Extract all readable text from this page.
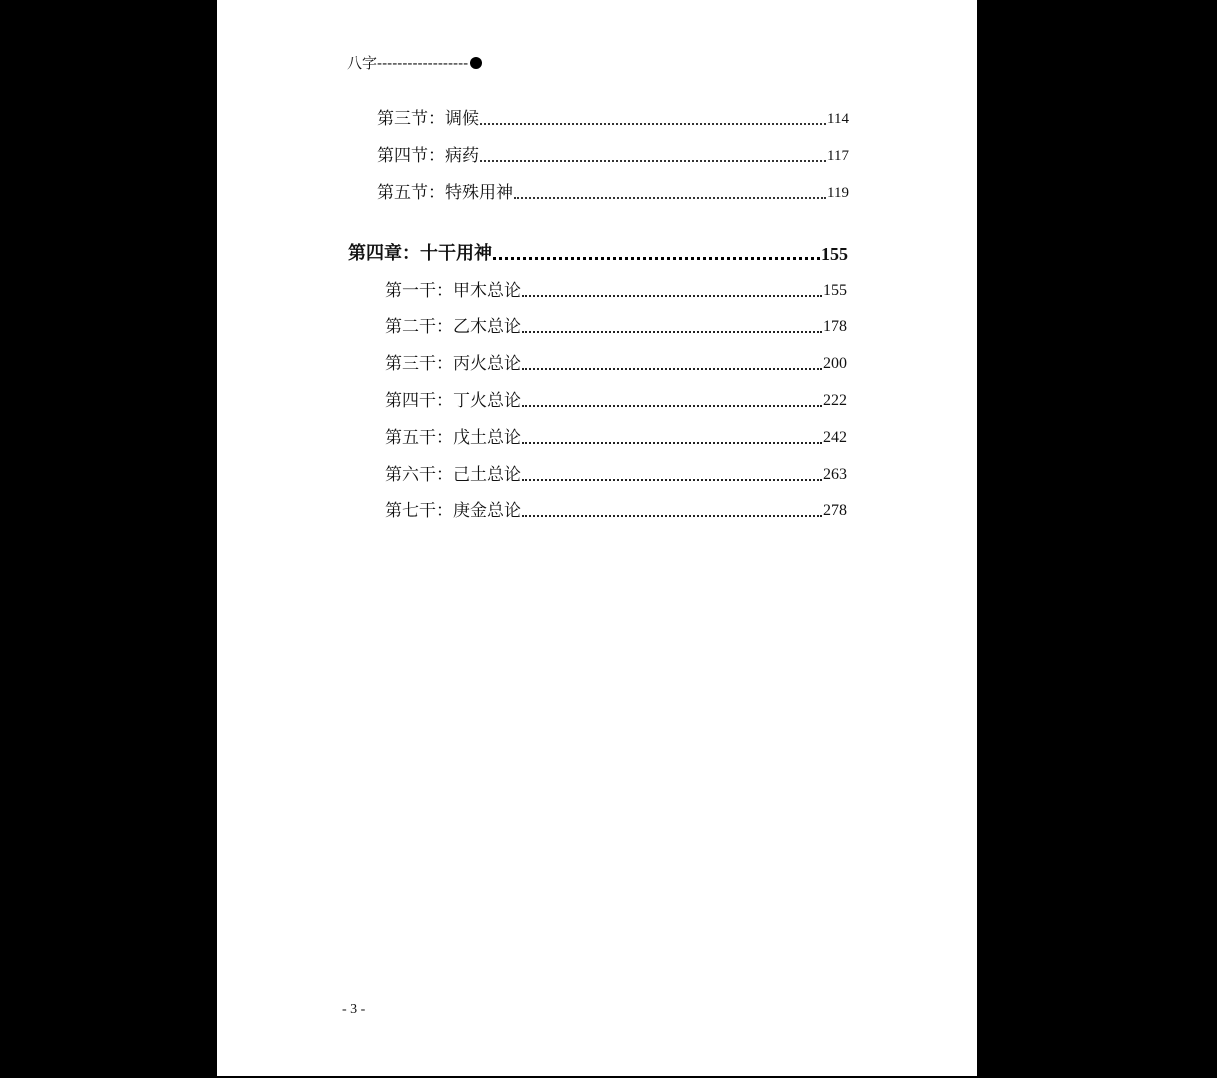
八字------------------
第三节：调候	114
第四节：病药	117
第五节：特殊用神	119
第四章：十干用神	155
第一干：甲木总论	155
第二干：乙木总论	178
第三干：丙火总论	200
第四干：丁火总论	222
第五干：戊土总论	242
第六干：己土总论	263
第七干：庚金总论	278
- 3 -
